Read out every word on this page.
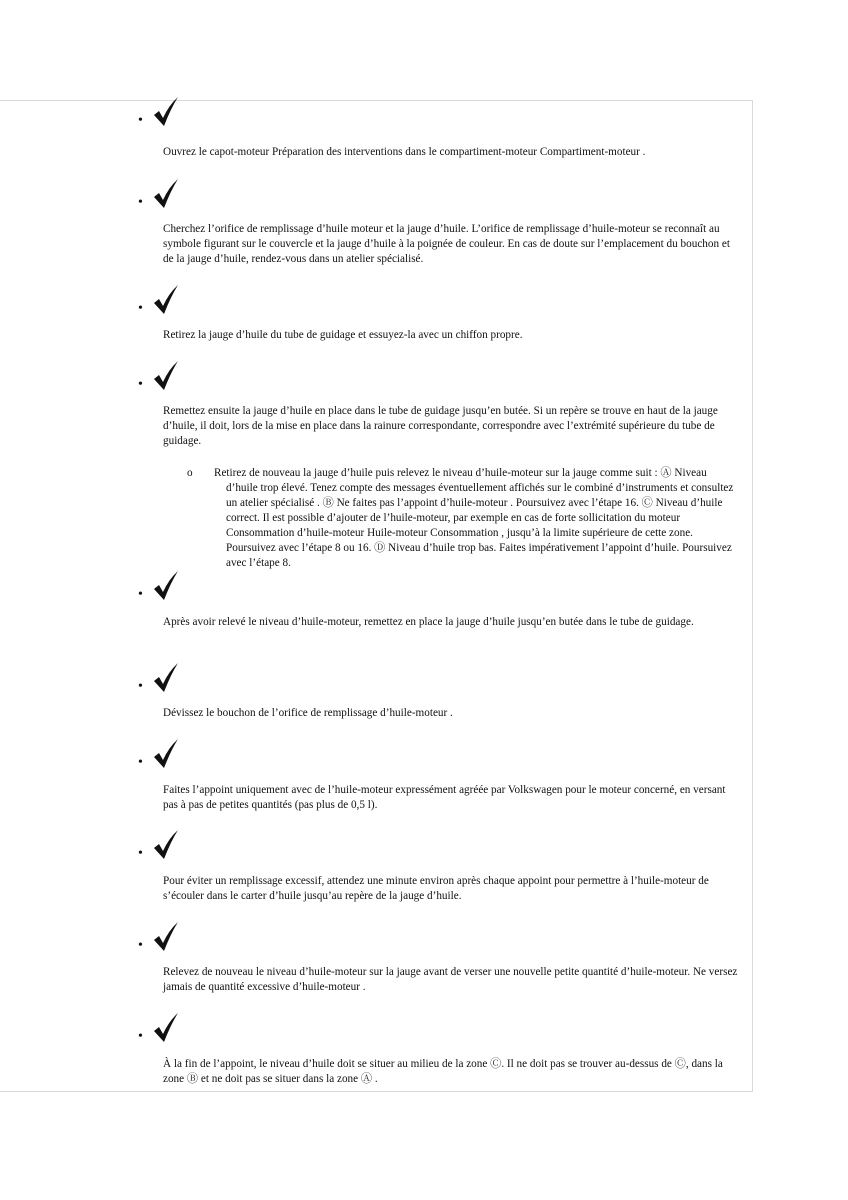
•

Ouvrez le capot-moteur Préparation des interventions dans le compartiment-moteur Compartiment-moteur .

•

Cherchez l’orifice de remplissage d’huile moteur et la jauge d’huile. L’orifice de remplissage d’huile-moteur se reconnaît au symbole figurant sur le couvercle et la jauge d’huile à la poignée de couleur. En cas de doute sur l’emplacement du bouchon et de la jauge d’huile, rendez-vous dans un atelier spécialisé.

•

Retirez la jauge d’huile du tube de guidage et essuyez-la avec un chiffon propre.

•

Remettez ensuite la jauge d’huile en place dans le tube de guidage jusqu’en butée. Si un repère se trouve en haut de la jauge d’huile, il doit, lors de la mise en place dans la rainure correspondante, correspondre avec l’extrémité supérieure du tube de guidage.

o Retirez de nouveau la jauge d’huile puis relevez le niveau d’huile-moteur sur la jauge comme suit : Ⓐ Niveau d’huile trop élevé. Tenez compte des messages éventuellement affichés sur le combiné d’instruments et consultez un atelier spécialisé . Ⓑ Ne faites pas l’appoint d’huile-moteur . Poursuivez avec l’étape 16. Ⓒ Niveau d’huile correct. Il est possible d’ajouter de l’huile-moteur, par exemple en cas de forte sollicitation du moteur Consommation d’huile-moteur Huile-moteur Consommation , jusqu’à la limite supérieure de cette zone. Poursuivez avec l’étape 8 ou 16. Ⓓ Niveau d’huile trop bas. Faites impérativement l’appoint d’huile. Poursuivez avec l’étape 8.

•

Après avoir relevé le niveau d’huile-moteur, remettez en place la jauge d’huile jusqu’en butée dans le tube de guidage.

•

Dévissez le bouchon de l’orifice de remplissage d’huile-moteur .

•

Faites l’appoint uniquement avec de l’huile-moteur expressément agréée par Volkswagen pour le moteur concerné, en versant pas à pas de petites quantités (pas plus de 0,5 l).

•

Pour éviter un remplissage excessif, attendez une minute environ après chaque appoint pour permettre à l’huile-moteur de s’écouler dans le carter d’huile jusqu’au repère de la jauge d’huile.

•

Relevez de nouveau le niveau d’huile-moteur sur la jauge avant de verser une nouvelle petite quantité d’huile-moteur. Ne versez jamais de quantité excessive d’huile-moteur .

•

À la fin de l’appoint, le niveau d’huile doit se situer au milieu de la zone Ⓒ. Il ne doit pas se trouver au-dessus de Ⓒ, dans la zone Ⓑ et ne doit pas se situer dans la zone Ⓐ .
